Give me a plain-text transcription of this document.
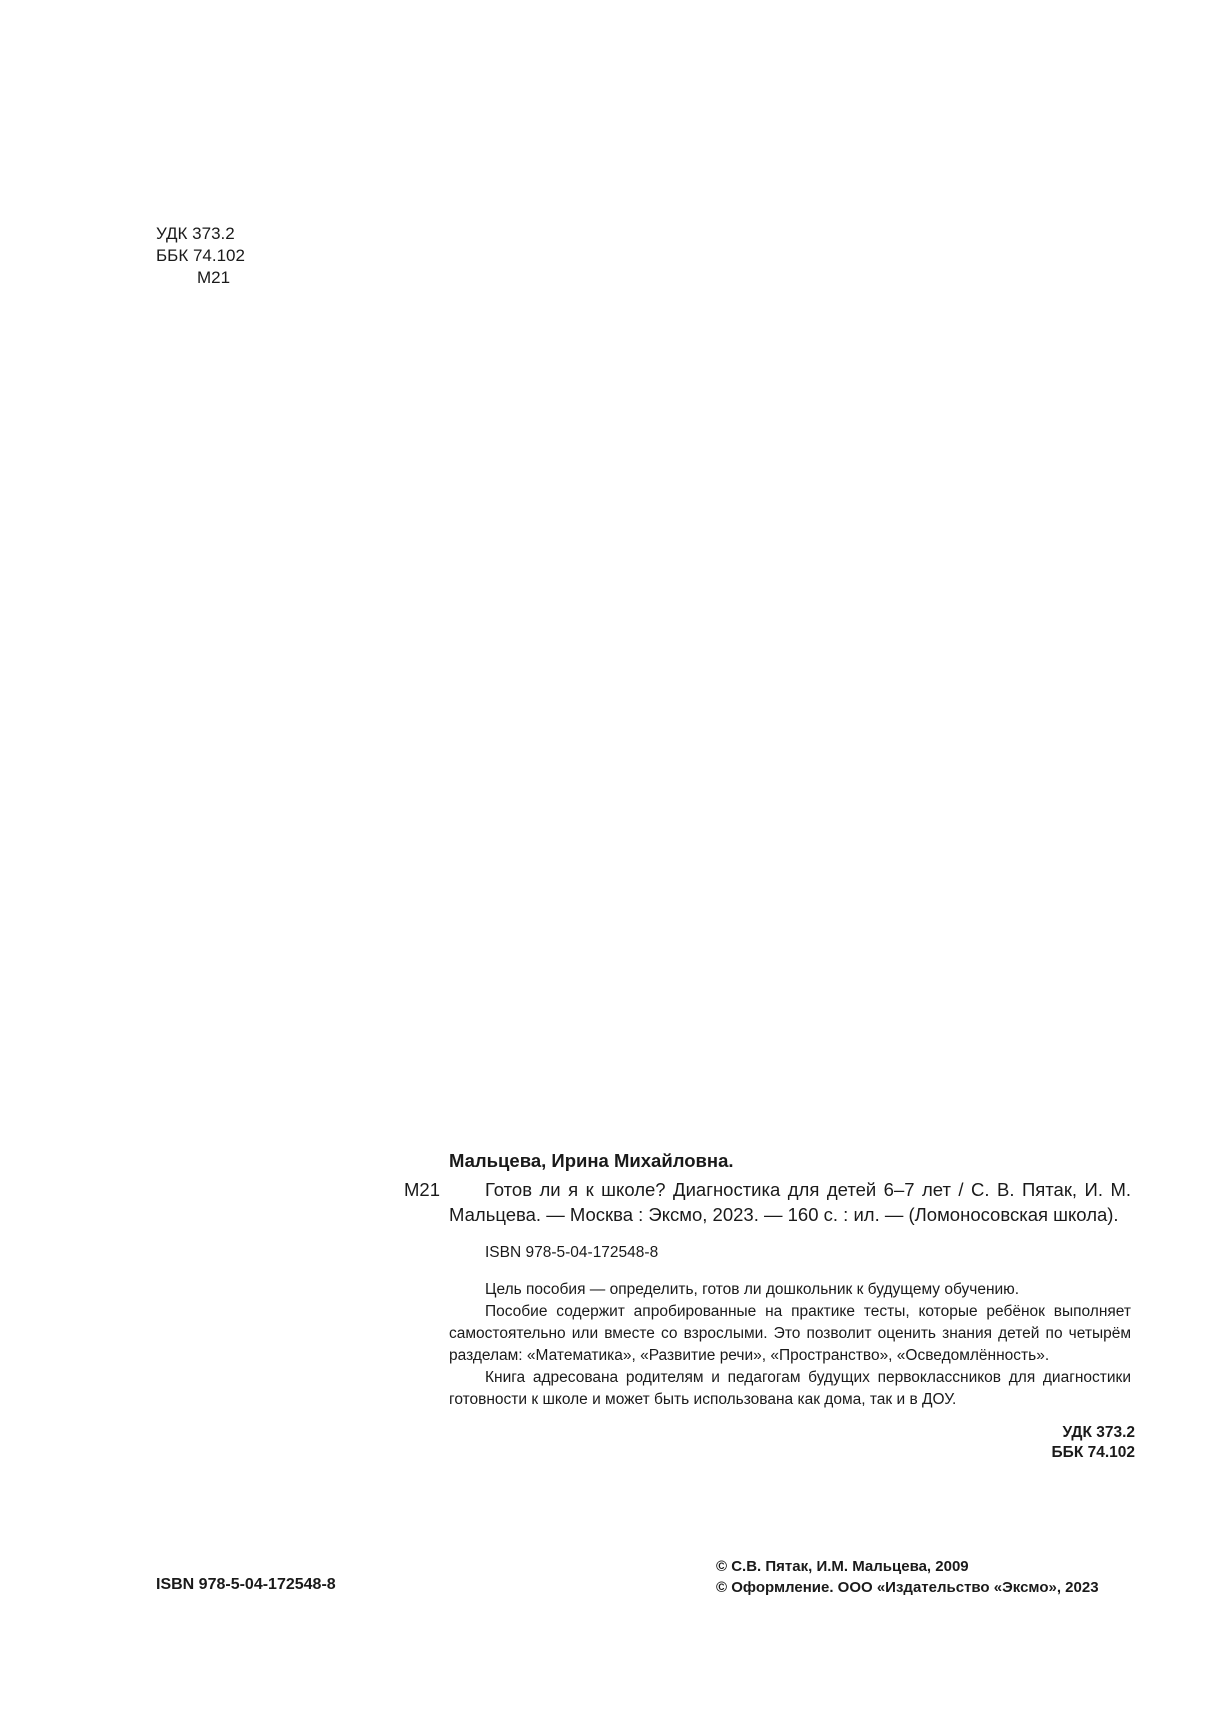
УДК 373.2
ББК 74.102
М21
Мальцева, Ирина Михайловна.
М21	Готов ли я к школе? Диагностика для детей 6–7 лет / С. В. Пятак, И. М. Мальцева. — Москва : Эксмо, 2023. — 160 с. : ил. — (Ломоносовская школа).

ISBN 978-5-04-172548-8

Цель пособия — определить, готов ли дошкольник к будущему обучению.

Пособие содержит апробированные на практике тесты, которые ребёнок выполняет самостоятельно или вместе со взрослыми. Это позволит оценить знания детей по четырём разделам: «Математика», «Развитие речи», «Пространство», «Осведомлённость».

Книга адресована родителям и педагогам будущих первоклассников для диагностики готовности к школе и может быть использована как дома, так и в ДОУ.

УДК 373.2
ББК 74.102
ISBN 978-5-04-172548-8
© С.В. Пятак, И.М. Мальцева, 2009
© Оформление. ООО «Издательство «Эксмо», 2023
